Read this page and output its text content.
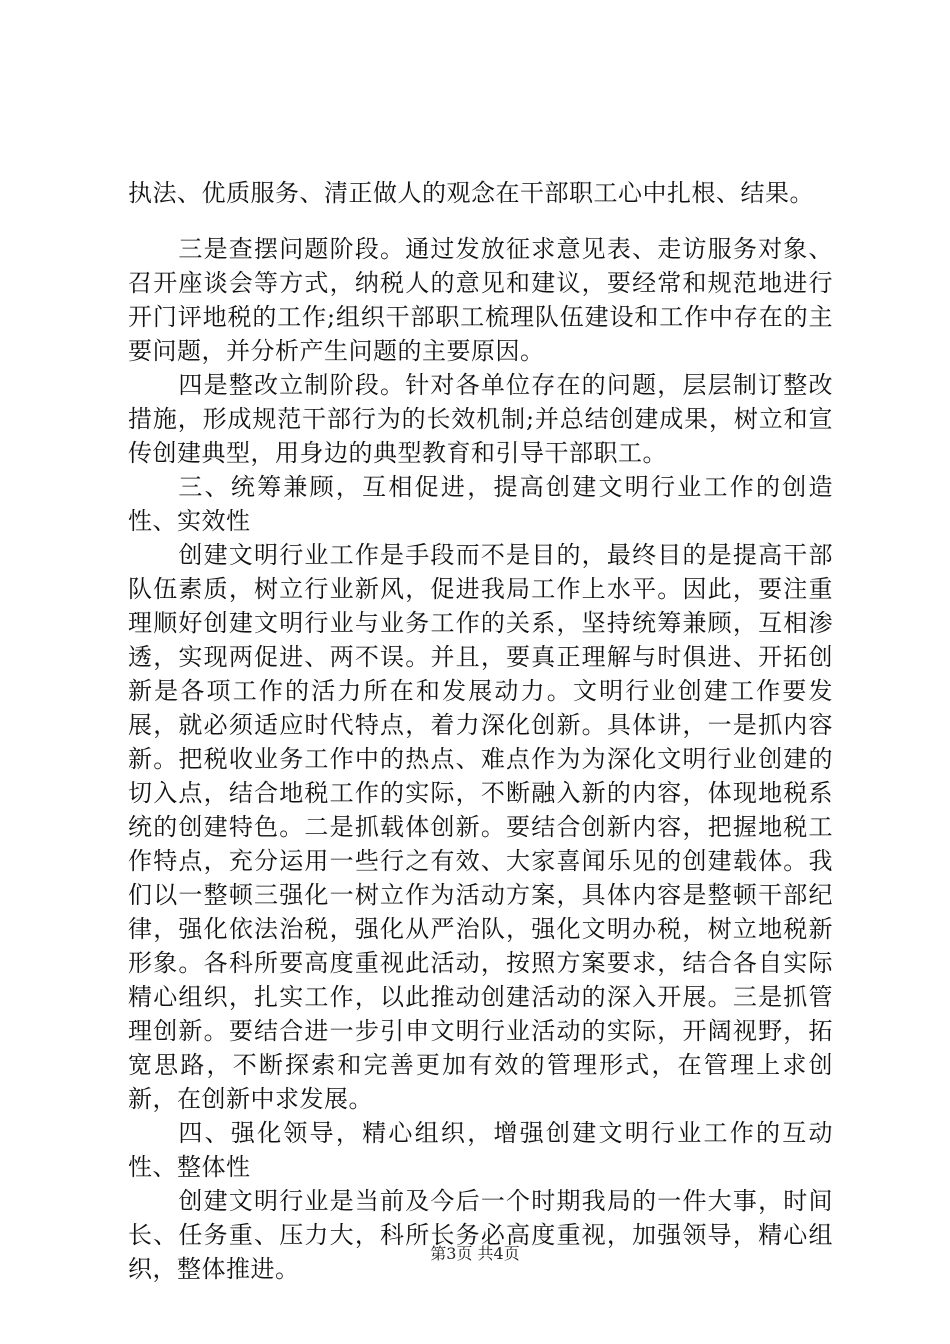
执法、优质服务、清正做人的观念在干部职工心中扎根、结果。

三是查摆问题阶段。通过发放征求意见表、走访服务对象、召开座谈会等方式，纳税人的意见和建议，要经常和规范地进行开门评地税的工作;组织干部职工梳理队伍建设和工作中存在的主要问题，并分析产生问题的主要原因。

四是整改立制阶段。针对各单位存在的问题，层层制订整改措施，形成规范干部行为的长效机制;并总结创建成果，树立和宣传创建典型，用身边的典型教育和引导干部职工。

三、统筹兼顾，互相促进，提高创建文明行业工作的创造性、实效性

创建文明行业工作是手段而不是目的，最终目的是提高干部队伍素质，树立行业新风，促进我局工作上水平。因此，要注重理顺好创建文明行业与业务工作的关系，坚持统筹兼顾，互相渗透，实现两促进、两不误。并且，要真正理解与时俱进、开拓创新是各项工作的活力所在和发展动力。文明行业创建工作要发展，就必须适应时代特点，着力深化创新。具体讲，一是抓内容新。把税收业务工作中的热点、难点作为为深化文明行业创建的切入点，结合地税工作的实际，不断融入新的内容，体现地税系统的创建特色。二是抓载体创新。要结合创新内容，把握地税工作特点，充分运用一些行之有效、大家喜闻乐见的创建载体。我们以一整顿三强化一树立作为活动方案，具体内容是整顿干部纪律，强化依法治税，强化从严治队，强化文明办税，树立地税新形象。各科所要高度重视此活动，按照方案要求，结合各自实际精心组织，扎实工作，以此推动创建活动的深入开展。三是抓管理创新。要结合进一步引申文明行业活动的实际，开阔视野，拓宽思路，不断探索和完善更加有效的管理形式，在管理上求创新，在创新中求发展。

四、强化领导，精心组织，增强创建文明行业工作的互动性、整体性

创建文明行业是当前及今后一个时期我局的一件大事，时间长、任务重、压力大，科所长务必高度重视，加强领导，精心组织，整体推进。

第3页 共4页
